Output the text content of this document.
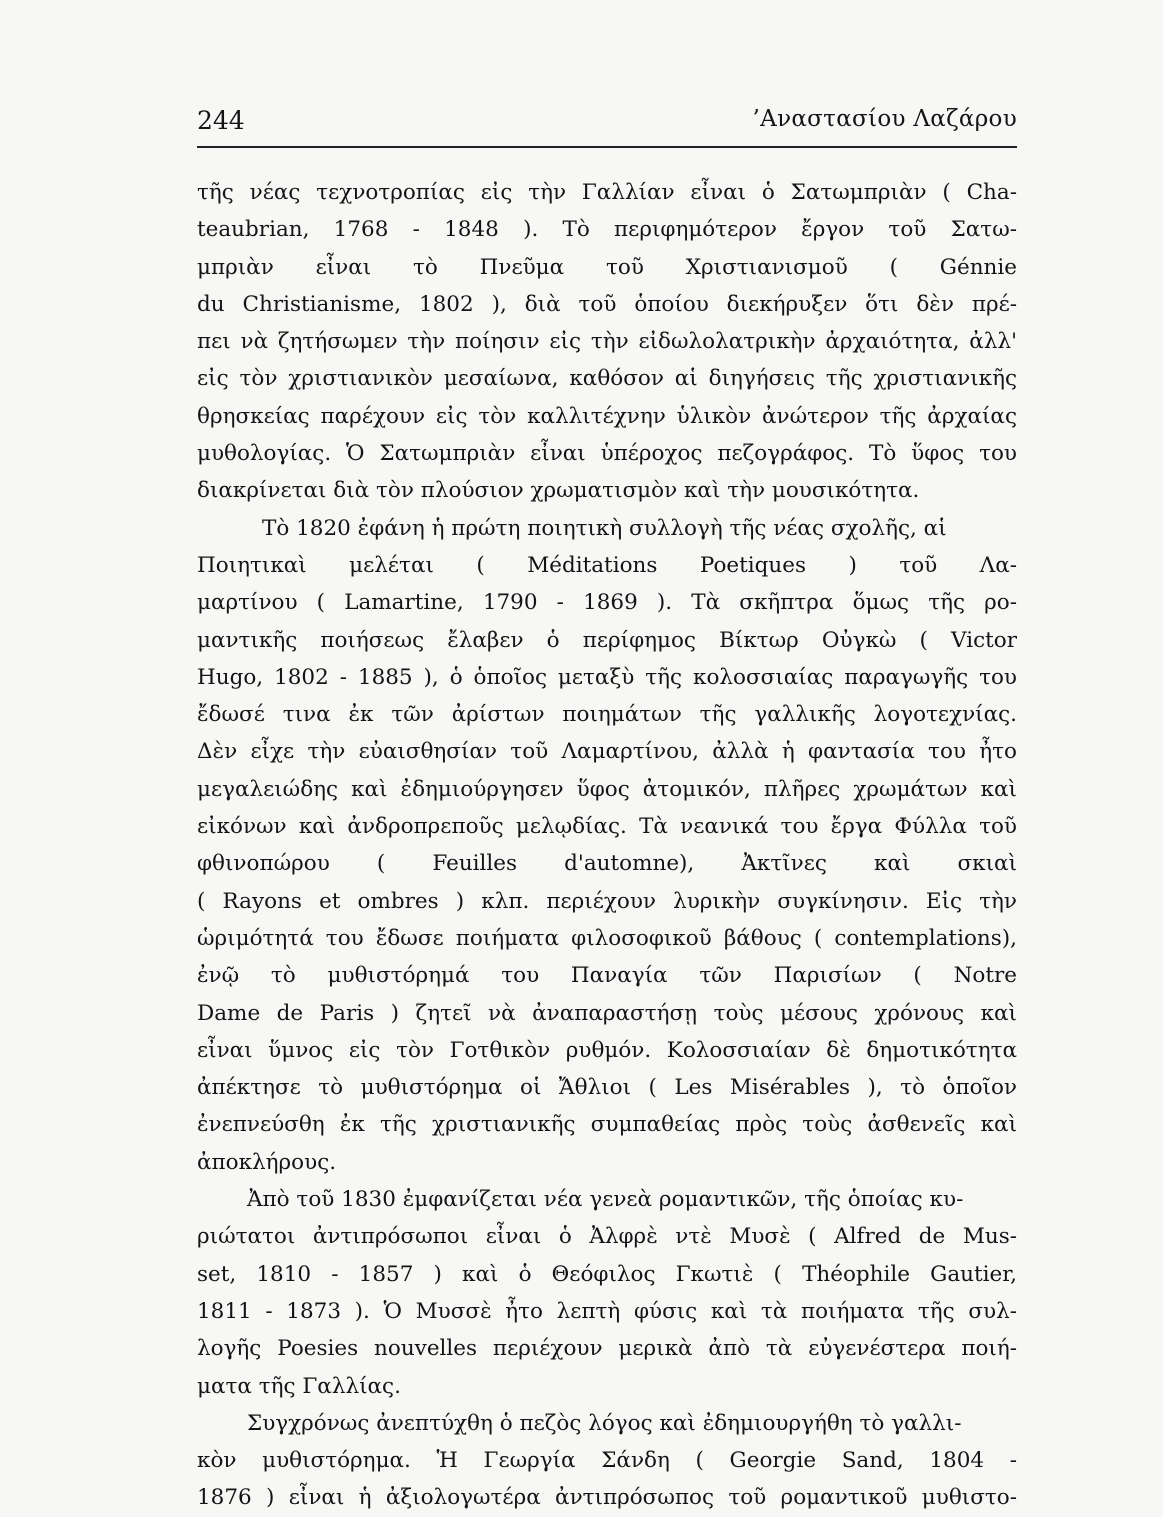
244	’Αναστασίου Λαζάρου
τῆς νέας τεχνοτροπίας εἰς τὴν Γαλλίαν εἶναι ὁ Σατωμπριὰν ( Cha-
teaubrian, 1768 - 1848 ). Τὸ περιφημότερον ἔργον τοῦ Σατω-
μπριὰν εἶναι τὸ Πνεῦμα τοῦ Χριστιανισμοῦ ( Génnie
du Christianisme, 1802 ), διὰ τοῦ ὁποίου διεκήρυξεν ὅτι δὲν πρέ-
πει νὰ ζητήσωμεν τὴν ποίησιν εἰς τὴν εἰδωλολατρικὴν ἀρχαιότητα, ἀλλ'
εἰς τὸν χριστιανικὸν μεσαίωνα, καθόσον αἱ διηγήσεις τῆς χριστιανικῆς
θρησκείας παρέχουν εἰς τὸν καλλιτέχνην ὑλικὸν ἀνώτερον τῆς ἀρχαίας
μυθολογίας. Ὁ Σατωμπριὰν εἶναι ὑπέροχος πεζογράφος. Τὸ ὕφος του
διακρίνεται διὰ τὸν πλούσιον χρωματισμὸν καὶ τὴν μουσικότητα.
Τὸ 1820 ἐφάνη ἡ πρώτη ποιητικὴ συλλογὴ τῆς νέας σχολῆς, αἱ
Ποιητικαὶ μελέται ( Méditations Poetiques ) τοῦ Λα-
μαρτίνου ( Lamartine, 1790 - 1869 ). Τὰ σκῆπτρα ὅμως τῆς ρο-
μαντικῆς ποιήσεως ἔλαβεν ὁ περίφημος Βίκτωρ Οὐγκὼ ( Victor
Hugo, 1802 - 1885 ), ὁ ὁποῖος μεταξὺ τῆς κολοσσιαίας παραγωγῆς του
ἔδωσέ τινα ἐκ τῶν ἀρίστων ποιημάτων τῆς γαλλικῆς λογοτεχνίας.
Δὲν εἶχε τὴν εὐαισθησίαν τοῦ Λαμαρτίνου, ἀλλὰ ἡ φαντασία του ἦτο
μεγαλειώδης καὶ ἐδημιούργησεν ὕφος ἀτομικόν, πλῆρες χρωμάτων καὶ
εἰκόνων καὶ ἀνδροπρεποῦς μελῳδίας. Τὰ νεανικά του ἔργα Φύλλα τοῦ
φθινοπώρου ( Feuilles d'automne), Ἀκτῖνες καὶ σκιαὶ
( Rayons et ombres ) κλπ. περιέχουν λυρικὴν συγκίνησιν. Εἰς τὴν
ὡριμότητά του ἔδωσε ποιήματα φιλοσοφικοῦ βάθους ( contemplations),
ἐνῷ τὸ μυθιστόρημά του Παναγία τῶν Παρισίων ( Notre
Dame de Paris ) ζητεῖ νὰ ἀναπαραστήσῃ τοὺς μέσους χρόνους καὶ
εἶναι ὕμνος εἰς τὸν Γοτθικὸν ρυθμόν. Κολοσσιαίαν δὲ δημοτικότητα
ἀπέκτησε τὸ μυθιστόρημα οἱ Ἄθλιοι ( Les Misérables ), τὸ ὁποῖον
ἐνεπνεύσθη ἐκ τῆς χριστιανικῆς συμπαθείας πρὸς τοὺς ἀσθενεῖς καὶ
ἀποκλήρους.
Ἀπὸ τοῦ 1830 ἐμφανίζεται νέα γενεὰ ρομαντικῶν, τῆς ὁποίας κυ-
ριώτατοι ἀντιπρόσωποι εἶναι ὁ Ἀλφρὲ ντὲ Μυσὲ ( Alfred de Mus-
set, 1810 - 1857 ) καὶ ὁ Θεόφιλος Γκωτιὲ ( Théophile Gautier,
1811 - 1873 ). Ὁ Μυσσὲ ἦτο λεπτὴ φύσις καὶ τὰ ποιήματα τῆς συλ-
λογῆς Poesies nouvelles περιέχουν μερικὰ ἀπὸ τὰ εὐγενέστερα ποιή-
ματα τῆς Γαλλίας.
Συγχρόνως ἀνεπτύχθη ὁ πεζὸς λόγος καὶ ἐδημιουργήθη τὸ γαλλι-
κὸν μυθιστόρημα. Ἡ Γεωργία Σάνδη ( Georgie Sand, 1804 -
1876 ) εἶναι ἡ ἀξιολογωτέρα ἀντιπρόσωπος τοῦ ρομαντικοῦ μυθιστο-
